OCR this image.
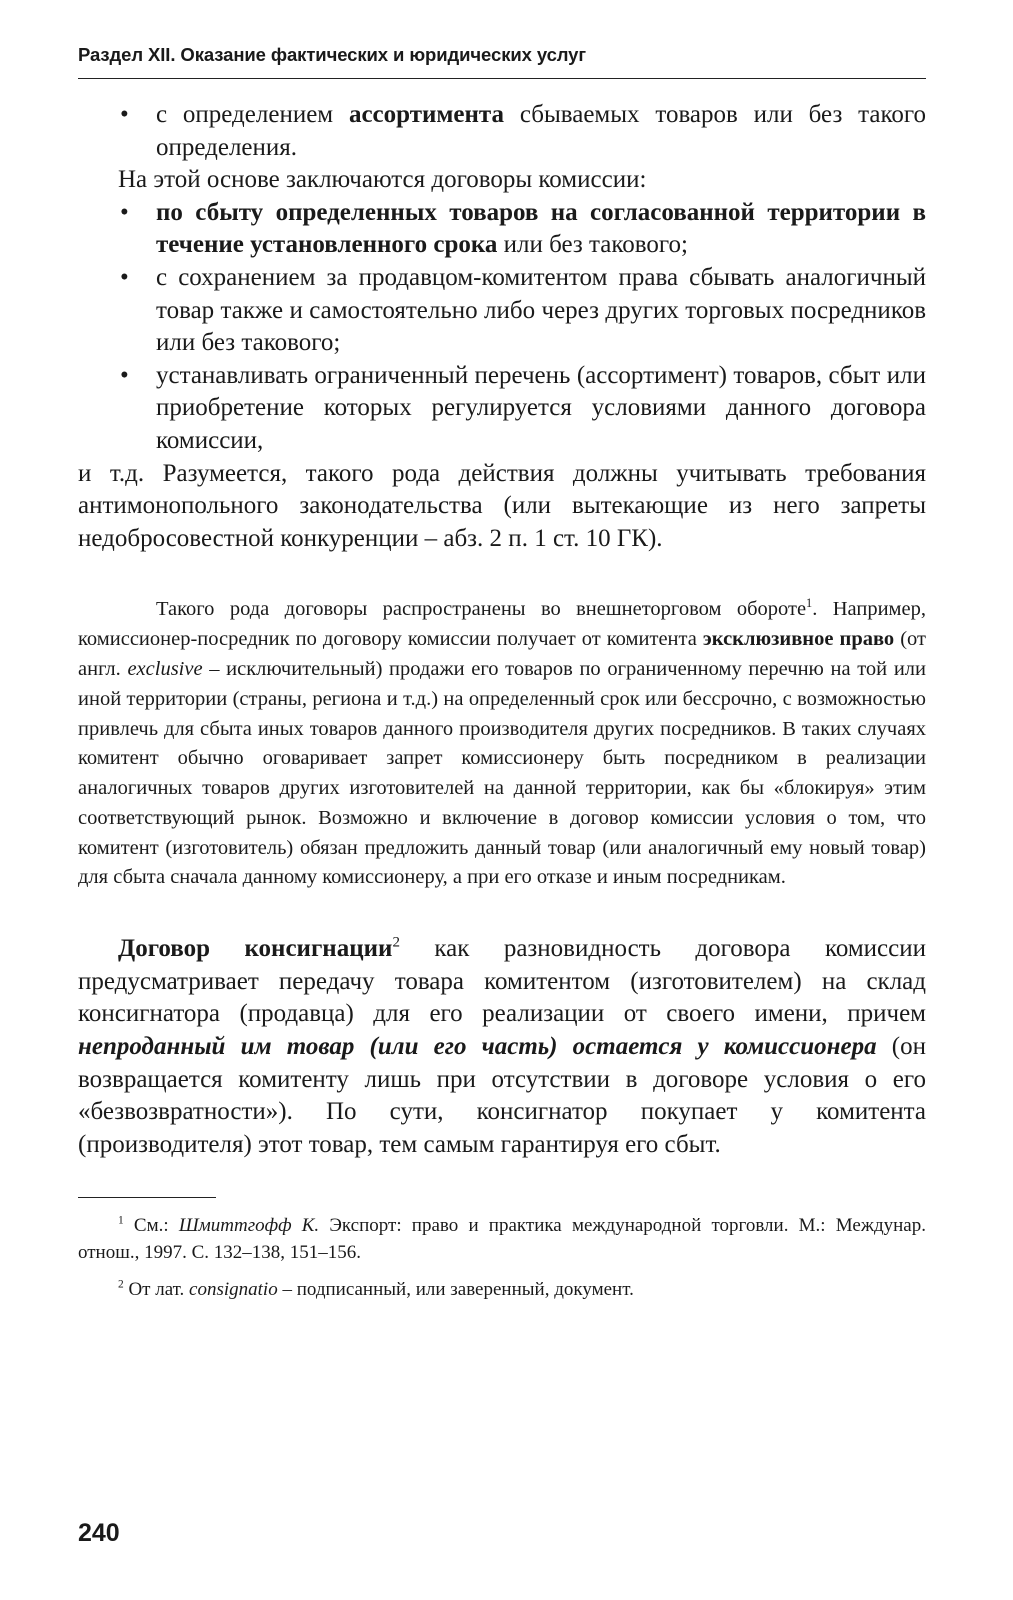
Раздел XII. Оказание фактических и юридических услуг
• с определением ассортимента сбываемых товаров или без такого определения.

На этой основе заключаются договоры комиссии:

• по сбыту определенных товаров на согласованной территории в течение установленного срока или без такового;
• с сохранением за продавцом-комитентом права сбывать аналогичный товар также и самостоятельно либо через других торговых посредников или без такового;
• устанавливать ограниченный перечень (ассортимент) товаров, сбыт или приобретение которых регулируется условиями данного договора комиссии,

и т.д. Разумеется, такого рода действия должны учитывать требования антимонопольного законодательства (или вытекающие из него запреты недобросовестной конкуренции – абз. 2 п. 1 ст. 10 ГК).

Такого рода договоры распространены во внешнеторговом обороте$^1$. Например, комиссионер-посредник по договору комиссии получает от комитента эксклюзивное право (от англ. exclusive – исключительный) продажи его товаров по ограниченному перечню на той или иной территории (страны, региона и т.д.) на определенный срок или бессрочно, с возможностью привлечь для сбыта иных товаров данного производителя других посредников. В таких случаях комитент обычно оговаривает запрет комиссионеру быть посредником в реализации аналогичных товаров других изготовителей на данной территории, как бы «блокируя» этим соответствующий рынок. Возможно и включение в договор комиссии условия о том, что комитент (изготовитель) обязан предложить данный товар (или аналогичный ему новый товар) для сбыта сначала данному комиссионеру, а при его отказе и иным посредникам.

Договор консигнации$^2$ как разновидность договора комиссии предусматривает передачу товара комитентом (изготовителем) на склад консигнатора (продавца) для его реализации от своего имени, причем непроданный им товар (или его часть) остается у комиссионера (он возвращается комитенту лишь при отсутствии в договоре условия о его «безвозвратности»). По сути, консигнатор покупает у комитента (производителя) этот товар, тем самым гарантируя его сбыт.

$^1$ См.: Шмиттгофф К. Экспорт: право и практика международной торговли. М.: Междунар. отнош., 1997. С. 132–138, 151–156.

$^2$ От лат. consignatio – подписанный, или заверенный, документ.

240
